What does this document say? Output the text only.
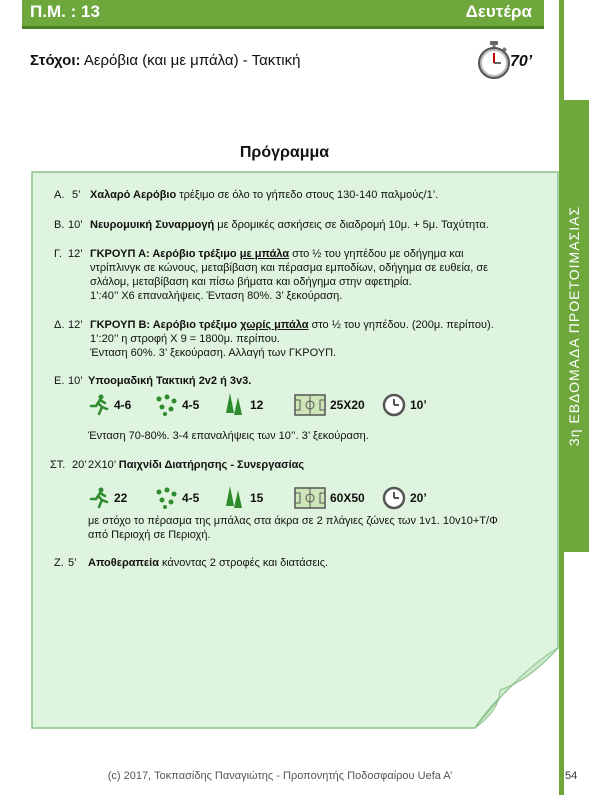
Π.Μ. : 13	Δευτέρα
3η ΕΒΔΟΜΑΔΑ ΠΡΟΕΤΟΙΜΑΣΙΑΣ
Στόχοι: Αερόβια (και με μπάλα) - Τακτική	70’
Πρόγραμμα
Α. 5’ Χαλαρό Αερόβιο τρέξιμο σε όλο το γήπεδο στους 130-140 παλμούς/1’.
Β. 10’ Νευρομυική Συναρμογή με δρομικές ασκήσεις σε διαδρομή 10μ. + 5μ. Ταχύτητα.
Γ. 12’ ΓΚΡΟΥΠ Α: Αερόβιο τρέξιμο με μπάλα στο ½ του γηπέδου με οδήγημα και
ντρίπλινγκ σε κώνους, μεταβίβαση και πέρασμα εμποδίων, οδήγημα σε ευθεία, σε
σλάλομ, μεταβίβαση και πίσω βήματα και οδήγημα στην αφετηρία.
1’:40’’ Χ6 επαναλήψεις. Ένταση 80%. 3’ ξεκούραση.
Δ. 12’ ΓΚΡΟΥΠ Β: Αερόβιο τρέξιμο χωρίς μπάλα στο ½ του γηπέδου. (200μ. περίπου).
1’:20’’ η στροφή Χ 9 = 1800μ. περίπου.
Ένταση 60%. 3’ ξεκούραση. Αλλαγή των ΓΚΡΟΥΠ.
Ε. 10’ Υποομαδική Τακτική 2v2 ή 3v3.
4-6	4-5	12	25Χ20	10’
Ένταση 70-80%. 3-4 επαναλήψεις των 10’’. 3’ ξεκούραση.
ΣΤ. 20’ 2Χ10’ Παιχνίδι Διατήρησης - Συνεργασίας
22	4-5	15	60Χ50	20’
με στόχο το πέρασμα της μπάλας στα άκρα σε 2 πλάγιες ζώνες των 1v1. 10v10+Τ/Φ
από Περιοχή σε Περιοχή.
Ζ. 5’ Αποθεραπεία κάνοντας 2 στροφές και διατάσεις.
(c) 2017, Τοκπασίδης Παναγιώτης - Προπονητής Ποδοσφαίρου Uefa A’	54
